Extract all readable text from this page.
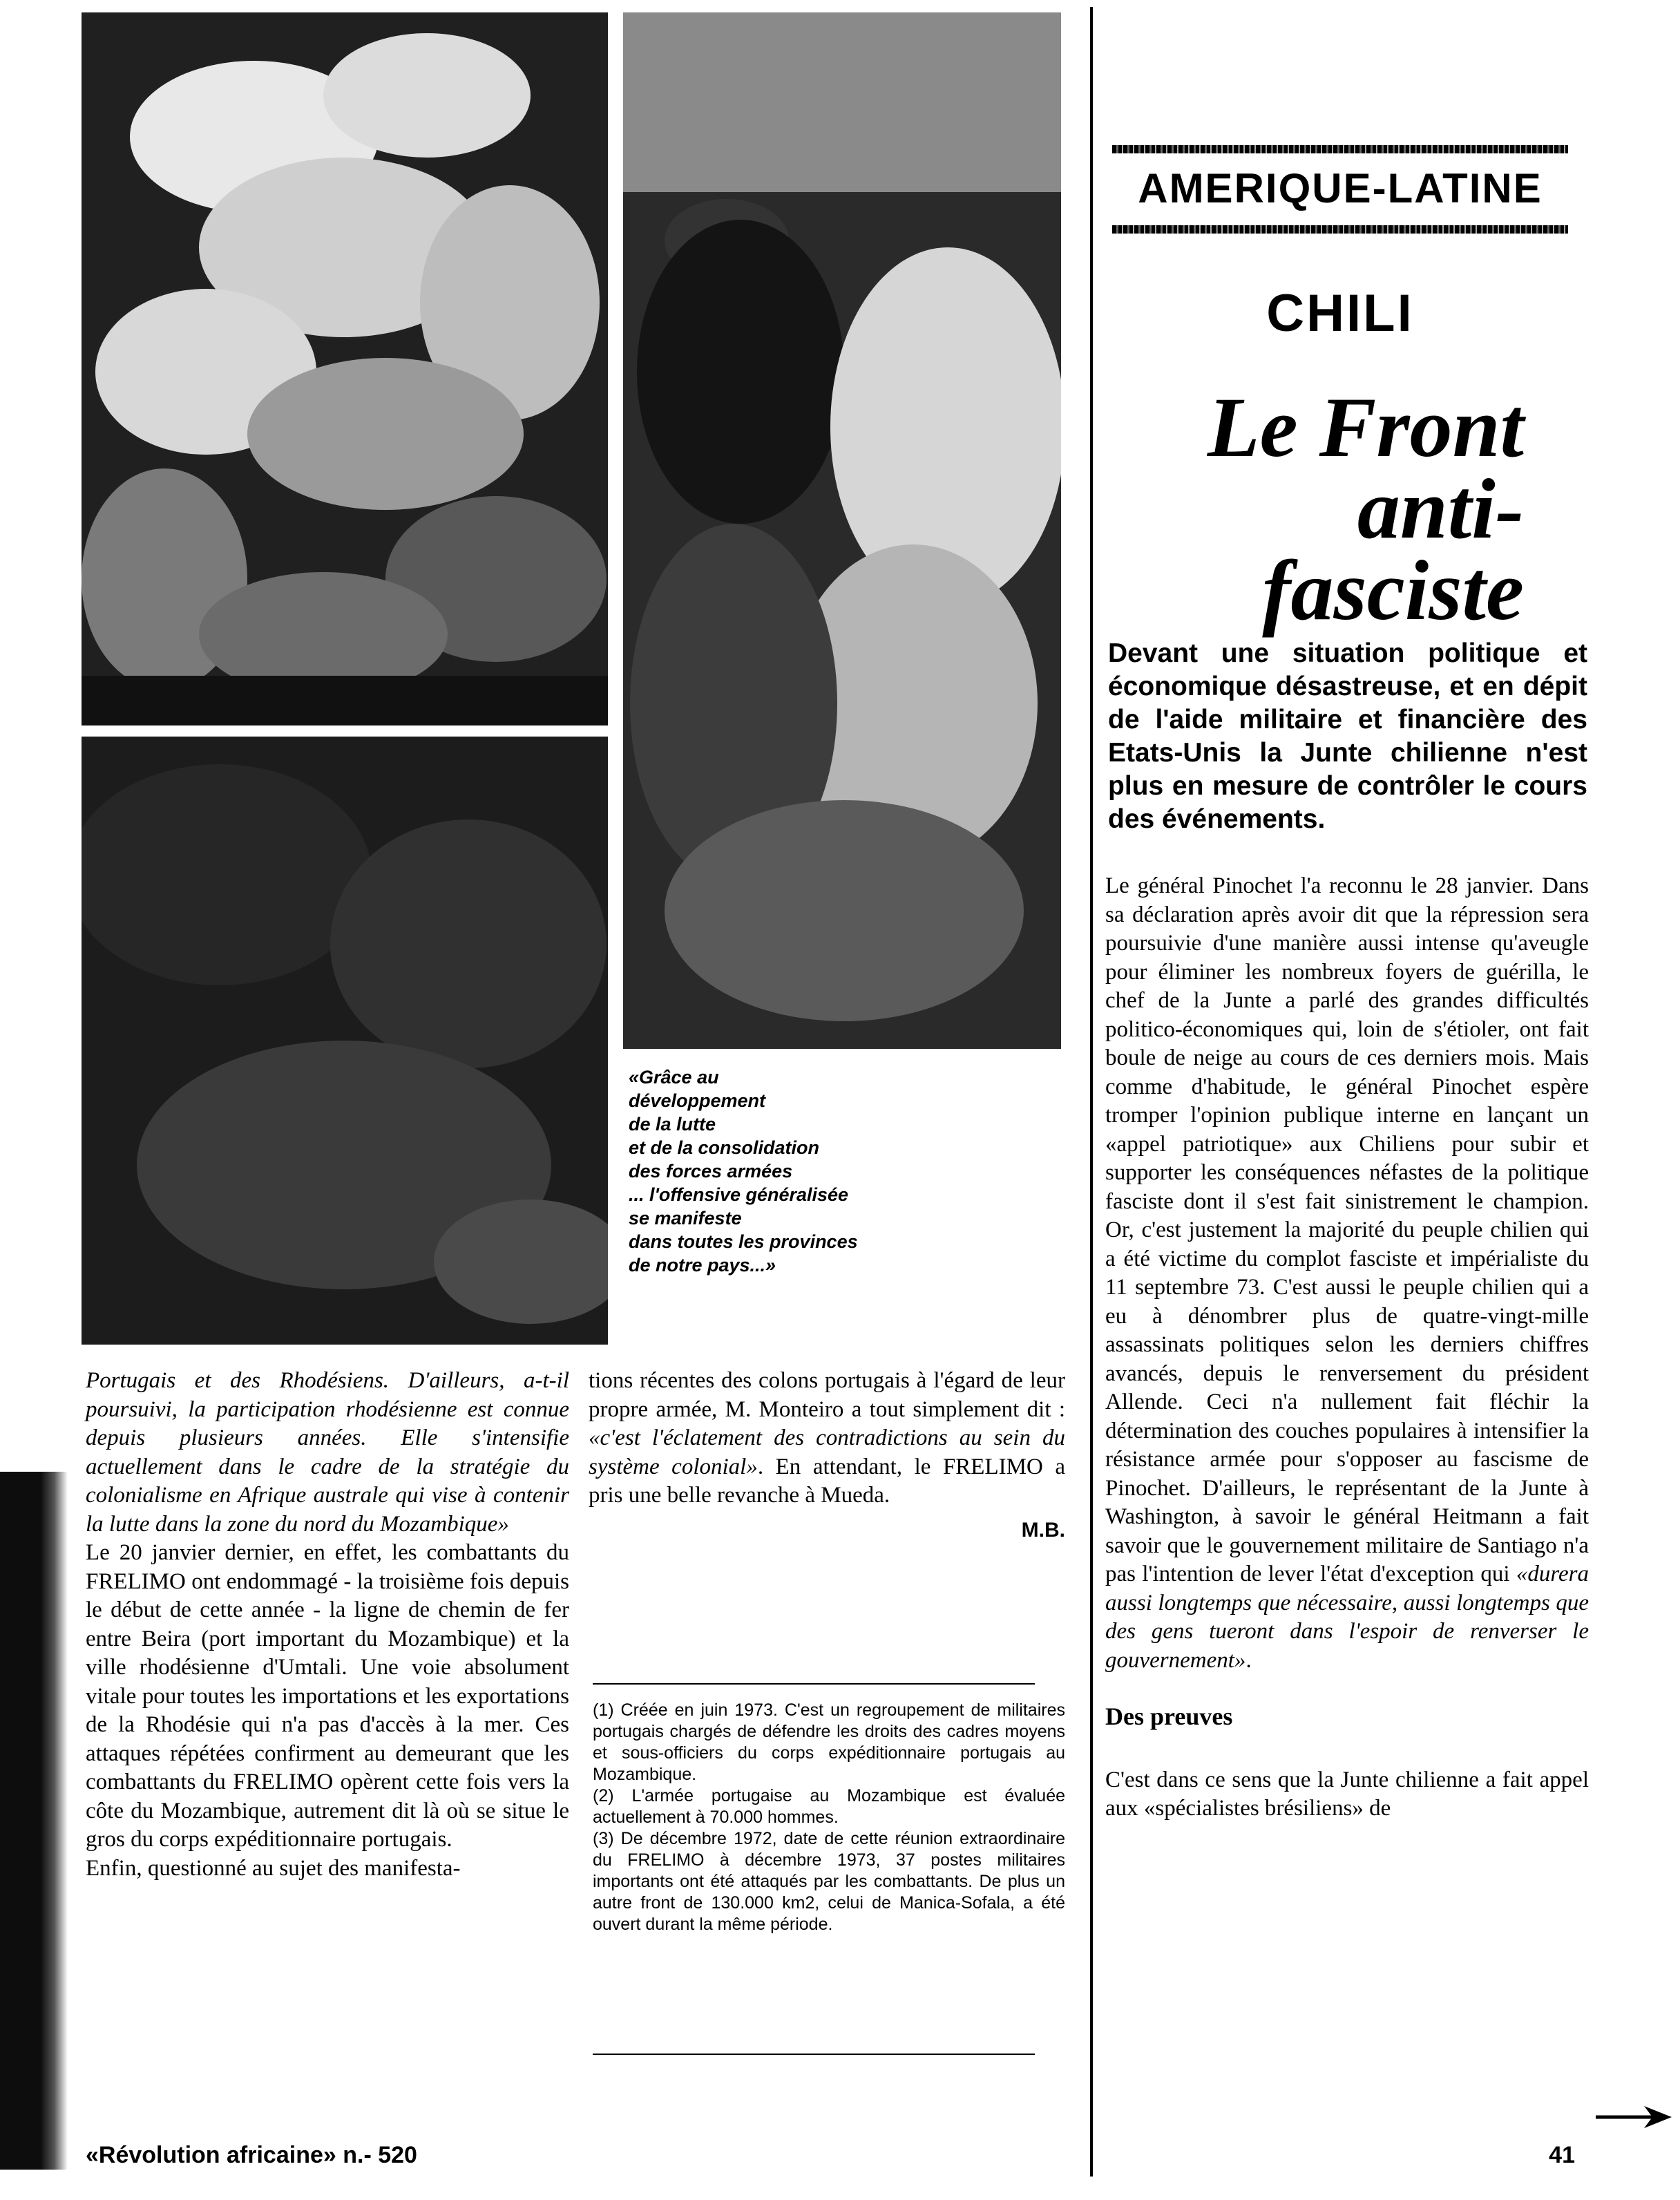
«Grâce au
développement
de la lutte
et de la consolidation
des forces armées
... l'offensive généralisée
se manifeste
dans toutes les provinces
de notre pays...»

Portugais et des Rhodésiens. D'ailleurs, a-t-il poursuivi, la participation rhodésienne est connue depuis plusieurs années. Elle s'intensifie actuellement dans le cadre de la stratégie du colonialisme en Afrique australe qui vise à contenir la lutte dans la zone du nord du Mozambique»

Le 20 janvier dernier, en effet, les combattants du FRELIMO ont endommagé - la troisième fois depuis le début de cette année - la ligne de chemin de fer entre Beira (port important du Mozambique) et la ville rhodésienne d'Umtali. Une voie absolument vitale pour toutes les importations et les exportations de la Rhodésie qui n'a pas d'accès à la mer. Ces attaques répétées confirment au demeurant que les combattants du FRELIMO opèrent cette fois vers la côte du Mozambique, autrement dit là où se situe le gros du corps expéditionnaire portugais.

Enfin, questionné au sujet des manifesta-

tions récentes des colons portugais à l'égard de leur propre armée, M. Monteiro a tout simplement dit : «c'est l'éclatement des contradictions au sein du système colonial». En attendant, le FRELIMO a pris une belle revanche à Mueda.

M.B.

(1) Créée en juin 1973. C'est un regroupement de militaires portugais chargés de défendre les droits des cadres moyens et sous-officiers du corps expéditionnaire portugais au Mozambique.

(2) L'armée portugaise au Mozambique est évaluée actuellement à 70.000 hommes.

(3) De décembre 1972, date de cette réunion extraordinaire du FRELIMO à décembre 1973, 37 postes militaires importants ont été attaqués par les combattants. De plus un autre front de 130.000 km2, celui de Manica-Sofala, a été ouvert durant la même période.

AMERIQUE-LATINE
CHILI
Le Front
anti-
fasciste
Devant une situation politique et économique désastreuse, et en dépit de l'aide militaire et financière des Etats-Unis la Junte chilienne n'est plus en mesure de contrôler le cours des événements.

Le général Pinochet l'a reconnu le 28 janvier. Dans sa déclaration après avoir dit que la répression sera poursuivie d'une manière aussi intense qu'aveugle pour éliminer les nombreux foyers de guérilla, le chef de la Junte a parlé des grandes difficultés politico-économiques qui, loin de s'étioler, ont fait boule de neige au cours de ces derniers mois. Mais comme d'habitude, le général Pinochet espère tromper l'opinion publique interne en lançant un «appel patriotique» aux Chiliens pour subir et supporter les conséquences néfastes de la politique fasciste dont il s'est fait sinistrement le champion. Or, c'est justement la majorité du peuple chilien qui a été victime du complot fasciste et impérialiste du 11 septembre 73. C'est aussi le peuple chilien qui a eu à dénombrer plus de quatre-vingt-mille assassinats politiques selon les derniers chiffres avancés, depuis le renversement du président Allende. Ceci n'a nullement fait fléchir la détermination des couches populaires à intensifier la résistance armée pour s'opposer au fascisme de Pinochet. D'ailleurs, le représentant de la Junte à Washington, à savoir le général Heitmann a fait savoir que le gouvernement militaire de Santiago n'a pas l'intention de lever l'état d'exception qui «durera aussi longtemps que nécessaire, aussi longtemps que des gens tueront dans l'espoir de renverser le gouvernement».

Des preuves

C'est dans ce sens que la Junte chilienne a fait appel aux «spécialistes brésiliens» de

«Révolution africaine» n.- 520	41
